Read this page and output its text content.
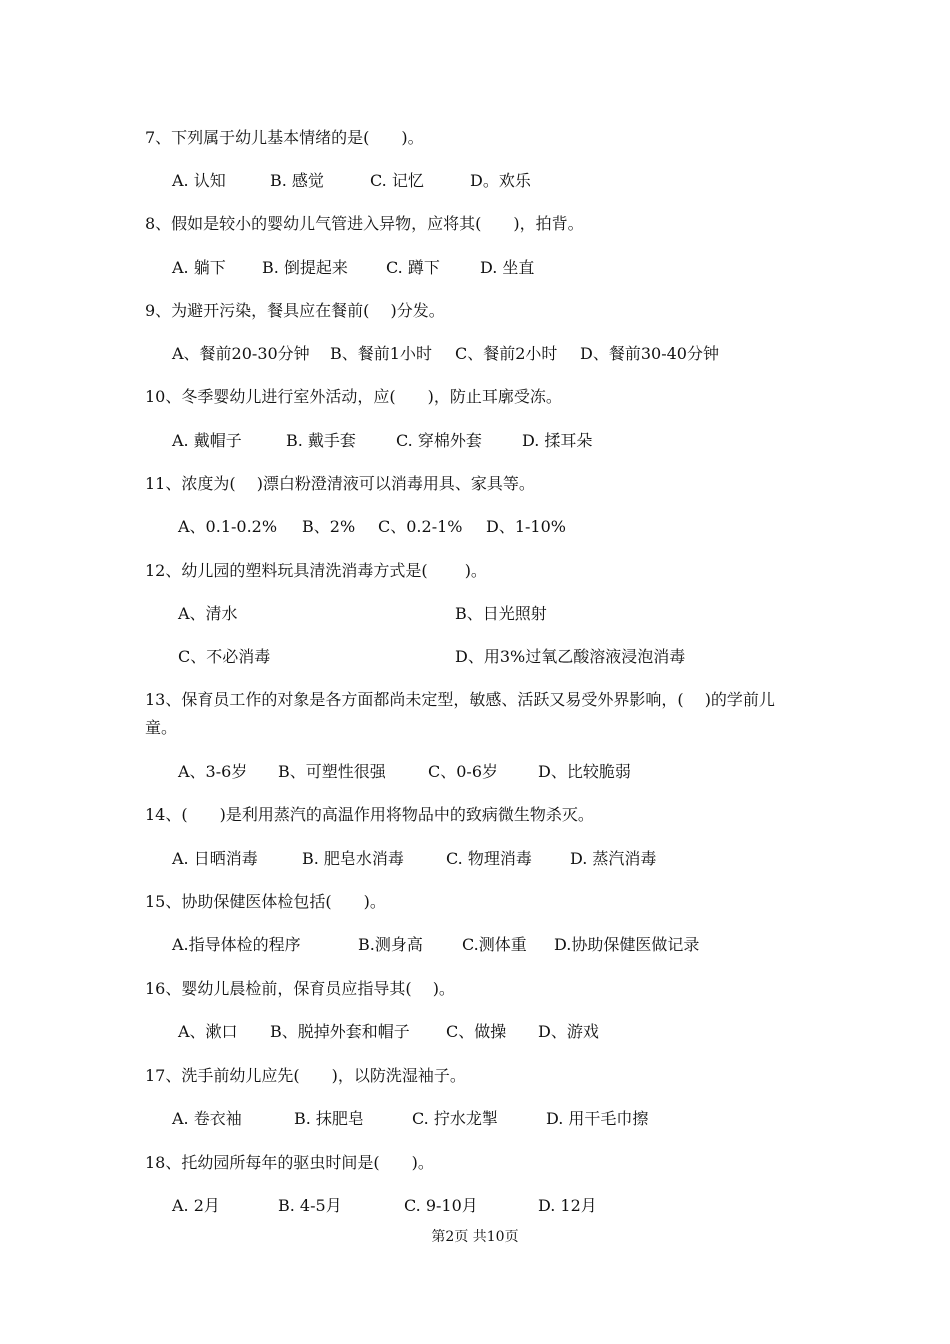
7、下列属于幼儿基本情绪的是(　　)。
A. 认知	B. 感觉	C. 记忆	D。欢乐
8、假如是较小的婴幼儿气管进入异物，应将其(　　)，拍背。
A. 躺下 B. 倒提起来 C. 蹲下	D. 坐直
9、为避开污染，餐具应在餐前(　 )分发。
A、餐前20-30分钟 B、餐前1小时 C、餐前2小时 D、餐前30-40分钟
10、冬季婴幼儿进行室外活动，应(　　)，防止耳廓受冻。
A. 戴帽子	B. 戴手套	C. 穿棉外套	D. 揉耳朵
11、浓度为(　 )漂白粉澄清液可以消毒用具、家具等。
A、0.1-0.2% B、2% C、0.2-1% D、1-10%
12、幼儿园的塑料玩具清洗消毒方式是(　　 )。
A、清水	B、日光照射
C、不必消毒	D、用3%过氧乙酸溶液浸泡消毒
13、保育员工作的对象是各方面都尚未定型，敏感、活跃又易受外界影响，(　 )的学前儿
童。
A、3-6岁 B、可塑性很强	C、0-6岁 D、比较脆弱
14、(　　)是利用蒸汽的高温作用将物品中的致病微生物杀灭。
A. 日晒消毒	B. 肥皂水消毒	C. 物理消毒 D. 蒸汽消毒
15、协助保健医体检包括(　　)。
A.指导体检的程序	B.测身高 C.测体重 D.协助保健医做记录
16、婴幼儿晨检前，保育员应指导其(　 )。
A、漱口 B、脱掉外套和帽子 C、做操 D、游戏
17、洗手前幼儿应先(　　)，以防洗湿袖子。
A. 卷衣袖	B. 抹肥皂	C. 拧水龙掣	D. 用干毛巾擦
18、托幼园所每年的驱虫时间是(　　)。
A. 2月	B. 4-5月	C. 9-10月	D. 12月
第2页 共10页
